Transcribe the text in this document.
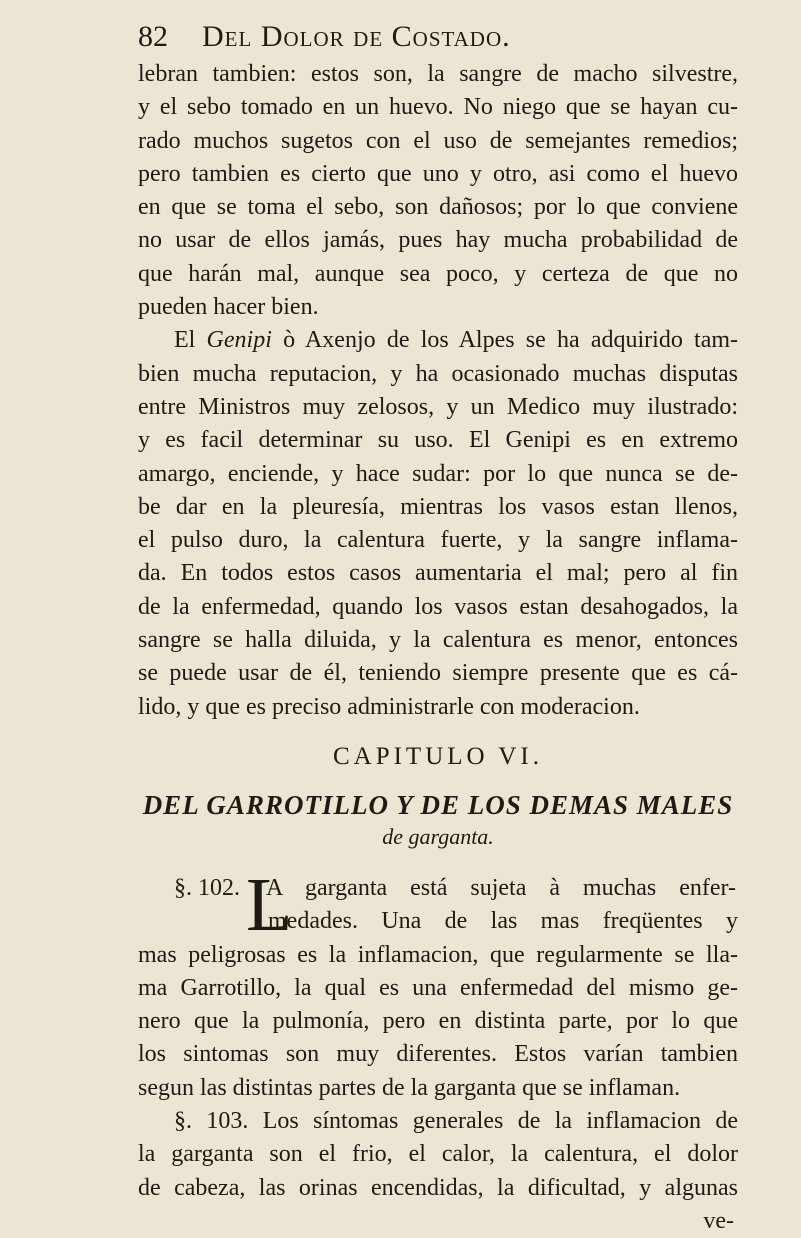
82 Del Dolor de Costado.
lebran tambien: estos son, la sangre de macho silvestre,
y el sebo tomado en un huevo. No niego que se hayan cu-
rado muchos sugetos con el uso de semejantes remedios;
pero tambien es cierto que uno y otro, asi como el huevo
en que se toma el sebo, son dañosos; por lo que conviene
no usar de ellos jamás, pues hay mucha probabilidad de
que harán mal, aunque sea poco, y certeza de que no
pueden hacer bien.
El Genipi ò Axenjo de los Alpes se ha adquirido tam-
bien mucha reputacion, y ha ocasionado muchas disputas
entre Ministros muy zelosos, y un Medico muy ilustrado:
y es facil determinar su uso. El Genipi es en extremo
amargo, enciende, y hace sudar: por lo que nunca se de-
be dar en la pleuresía, mientras los vasos estan llenos,
el pulso duro, la calentura fuerte, y la sangre inflama-
da. En todos estos casos aumentaria el mal; pero al fin
de la enfermedad, quando los vasos estan desahogados, la
sangre se halla diluida, y la calentura es menor, entonces
se puede usar de él, teniendo siempre presente que es cá-
lido, y que es preciso administrarle con moderacion.
CAPITULO VI.
DEL GARROTILLO Y DE LOS DEMAS MALES
de garganta.
L
§. 102. A garganta está sujeta à muchas enfer-
medades. Una de las mas freqüentes y
mas peligrosas es la inflamacion, que regularmente se lla-
ma Garrotillo, la qual es una enfermedad del mismo ge-
nero que la pulmonía, pero en distinta parte, por lo que
los sintomas son muy diferentes. Estos varían tambien
segun las distintas partes de la garganta que se inflaman.
§. 103. Los síntomas generales de la inflamacion de
la garganta son el frio, el calor, la calentura, el dolor
de cabeza, las orinas encendidas, la dificultad, y algunas
ve-
